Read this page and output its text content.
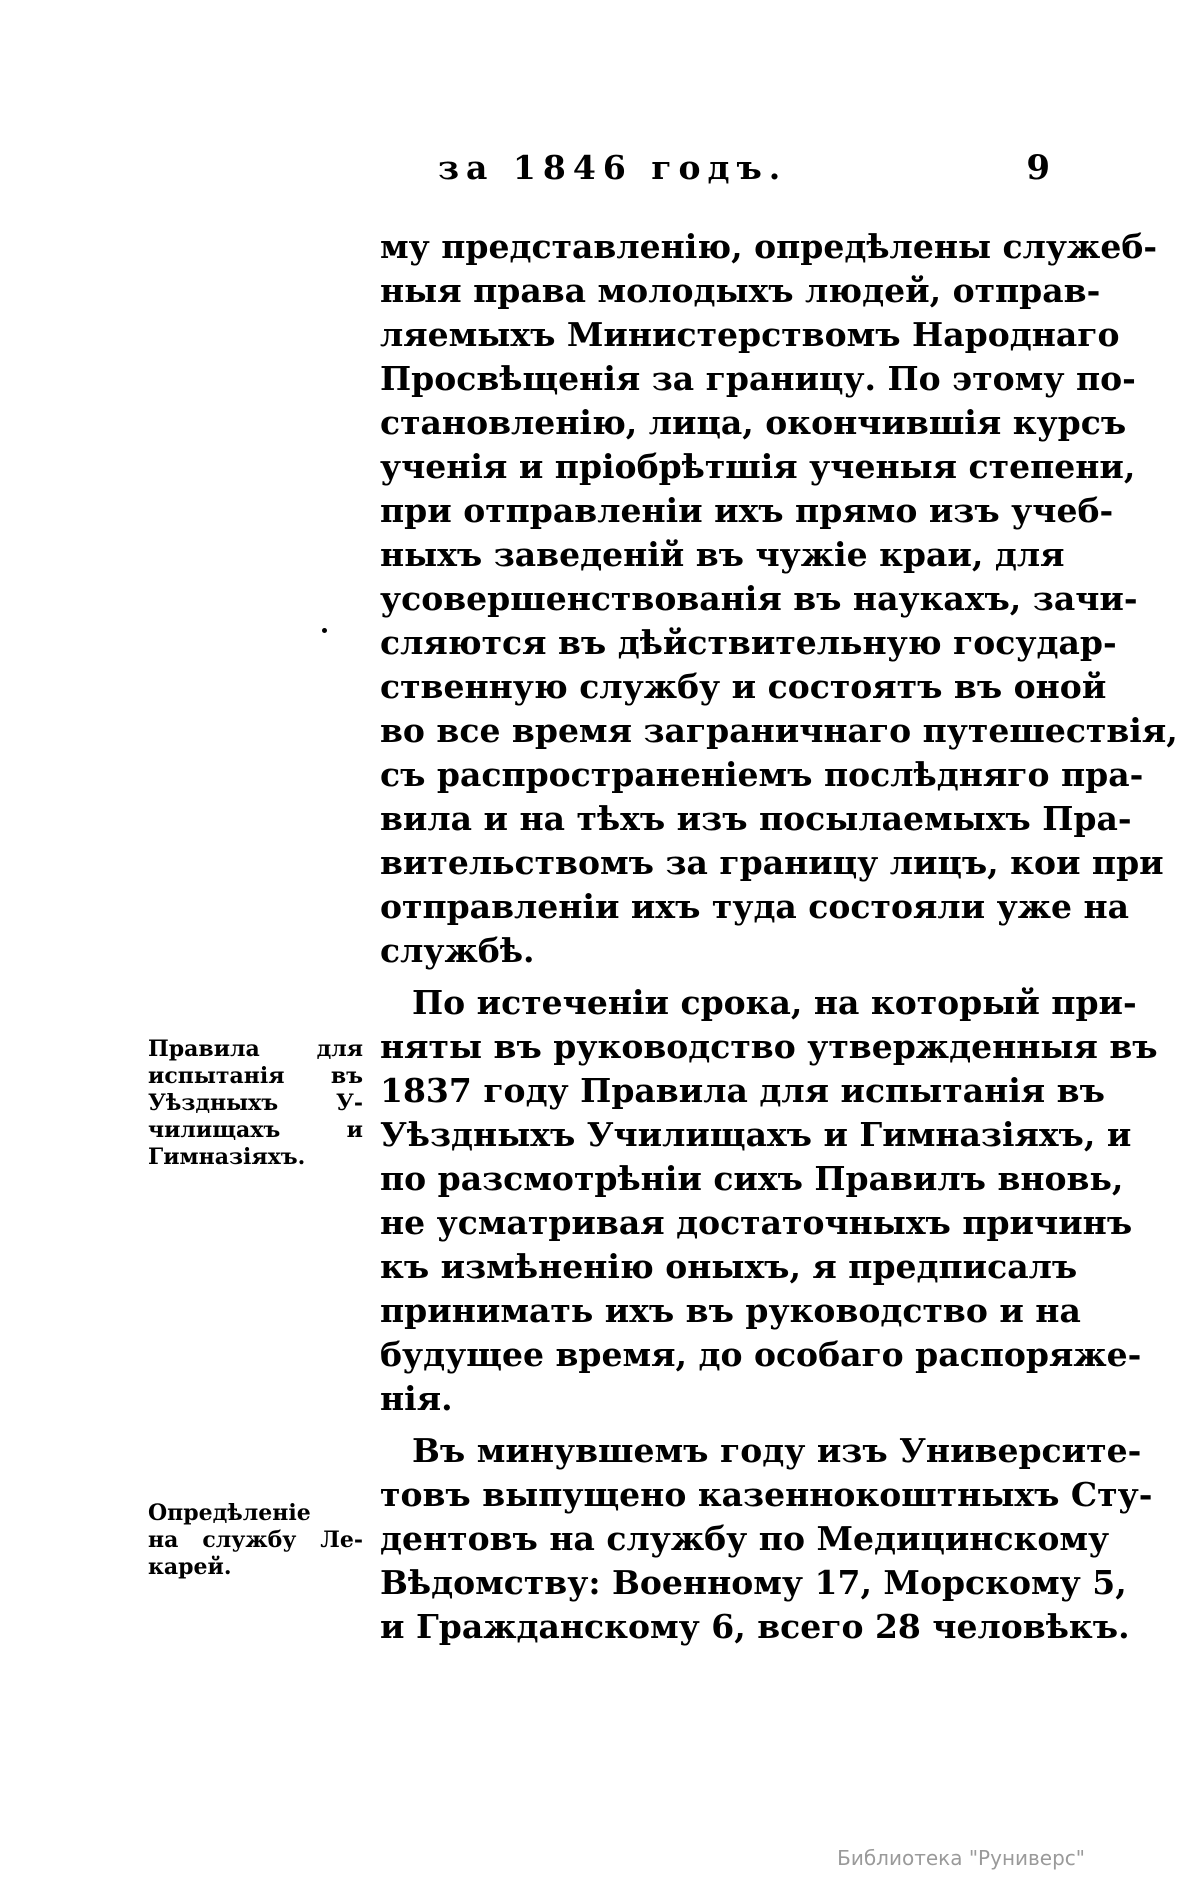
за 1846 годъ.	9
му представленію, опредѣлены служеб-
ныя права молодыхъ людей, отправ-
ляемыхъ Министерствомъ Народнаго
Просвѣщенія за границу. По этому по-
становленію, лица, окончившія курсъ
ученія и пріобрѣтшія ученыя степени,
при отправленіи ихъ прямо изъ учеб-
ныхъ заведеній въ чужіе краи, для
усовершенствованія въ наукахъ, зачи-
сляются въ дѣйствительную государ-
ственную службу и состоятъ въ оной
во все время заграничнаго путешествія,
съ распространеніемъ послѣдняго пра-
вила и на тѣхъ изъ посылаемыхъ Пра-
вительствомъ за границу лицъ, кои при
отправленіи ихъ туда состояли уже на
службѣ.
По истеченіи срока, на который при-
няты въ руководство утвержденныя въ
1837 году Правила для испытанія въ
Уѣздныхъ Училищахъ и Гимназіяхъ, и
по разсмотрѣніи сихъ Правилъ вновь,
не усматривая достаточныхъ причинъ
къ измѣненію оныхъ, я предписалъ
принимать ихъ въ руководство и на
будущее время, до особаго распоряже-
нія.
Въ минувшемъ году изъ Университе-
товъ выпущено казеннокоштныхъ Сту-
дентовъ на службу по Медицинскому
Вѣдомству: Военному 17, Морскому 5,
и Гражданскому 6, всего 28 человѣкъ.
Правила для
испытанія въ
Уѣздныхъ У-
чилищахъ и
Гимназіяхъ.
Опредѣленіе
на службу Ле-
карей.
Библиотека "Руниверс"
